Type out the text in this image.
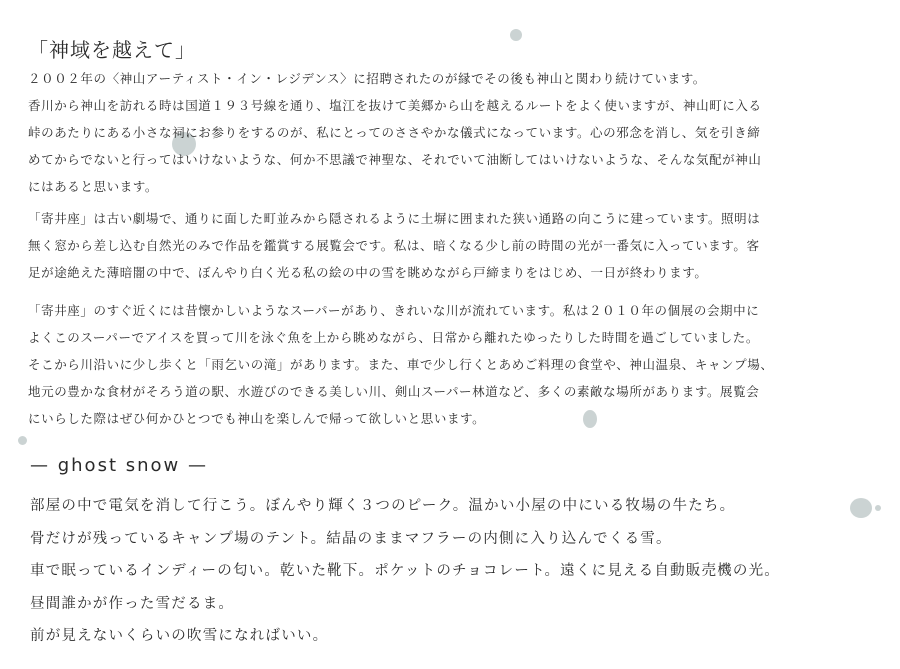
「神域を越えて」

２００２年の〈神山アーティスト・イン・レジデンス〉に招聘されたのが縁でその後も神山と関わり続けています。
香川から神山を訪れる時は国道１９３号線を通り、塩江を抜けて美郷から山を越えるルートをよく使いますが、神山町に入る
峠のあたりにある小さな祠にお参りをするのが、私にとってのささやかな儀式になっています。心の邪念を消し、気を引き締
めてからでないと行ってはいけないような、何か不思議で神聖な、それでいて油断してはいけないような、そんな気配が神山
にはあると思います。

「寄井座」は古い劇場で、通りに面した町並みから隠されるように土塀に囲まれた狭い通路の向こうに建っています。照明は
無く窓から差し込む自然光のみで作品を鑑賞する展覧会です。私は、暗くなる少し前の時間の光が一番気に入っています。客
足が途絶えた薄暗闇の中で、ぼんやり白く光る私の絵の中の雪を眺めながら戸締まりをはじめ、一日が終わります。

「寄井座」のすぐ近くには昔懐かしいようなスーパーがあり、きれいな川が流れています。私は２０１０年の個展の会期中に
よくこのスーパーでアイスを買って川を泳ぐ魚を上から眺めながら、日常から離れたゆったりした時間を過ごしていました。
そこから川沿いに少し歩くと「雨乞いの滝」があります。また、車で少し行くとあめご料理の食堂や、神山温泉、キャンプ場、
地元の豊かな食材がそろう道の駅、水遊びのできる美しい川、剣山スーパー林道など、多くの素敵な場所があります。展覧会
にいらした際はぜひ何かひとつでも神山を楽しんで帰って欲しいと思います。

— ghost snow —
部屋の中で電気を消して行こう。ぼんやり輝く３つのピーク。温かい小屋の中にいる牧場の牛たち。
骨だけが残っているキャンプ場のテント。結晶のままマフラーの内側に入り込んでくる雪。
車で眠っているインディーの匂い。乾いた靴下。ポケットのチョコレート。遠くに見える自動販売機の光。
昼間誰かが作った雪だるま。
前が見えないくらいの吹雪になればいい。
